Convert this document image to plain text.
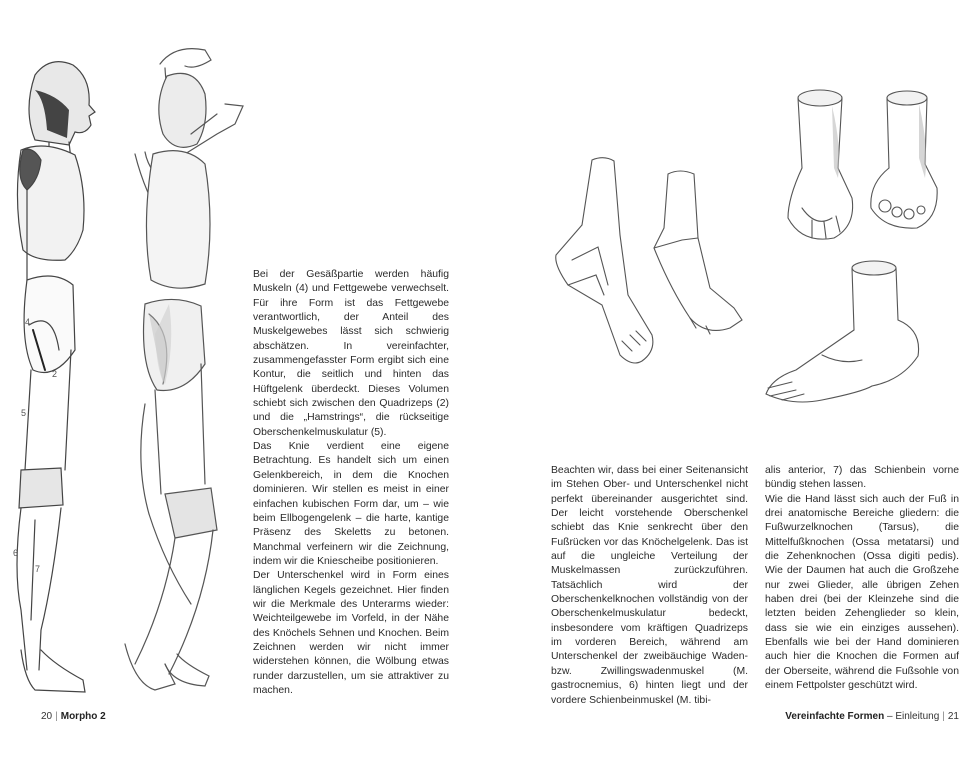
4
2
5
6
7

Bei der Gesäßpartie werden häufig Muskeln (4) und Fettgewebe verwechselt. Für ihre Form ist das Fettgewebe verantwortlich, der Anteil des Muskelgewebes lässt sich schwierig abschätzen. In vereinfachter, zusammengefasster Form ergibt sich eine Kontur, die seitlich und hinten das Hüftgelenk überdeckt. Dieses Volumen schiebt sich zwischen den Quadrizeps (2) und die „Hamstrings“, die rückseitige Oberschenkelmuskulatur (5).

Das Knie verdient eine eigene Betrachtung. Es handelt sich um einen Gelenkbereich, in dem die Knochen dominieren. Wir stellen es meist in einer einfachen kubischen Form dar, um – wie beim Ellbogengelenk – die harte, kantige Präsenz des Skeletts zu betonen. Manchmal verfeinern wir die Zeichnung, indem wir die Kniescheibe positionieren.

Der Unterschenkel wird in Form eines länglichen Kegels gezeichnet. Hier finden wir die Merkmale des Unterarms wieder: Weichteilgewebe im Vorfeld, in der Nähe des Knöchels Sehnen und Knochen. Beim Zeichnen werden wir nicht immer widerstehen können, die Wölbung etwas runder darzustellen, um sie attraktiver zu machen.

20 | Morpho 2

Beachten wir, dass bei einer Seitenansicht im Stehen Ober- und Unterschenkel nicht perfekt übereinander ausgerichtet sind. Der leicht vorstehende Oberschenkel schiebt das Knie senkrecht über den Fußrücken vor das Knöchelgelenk. Das ist auf die ungleiche Verteilung der Muskelmassen zurückzuführen. Tatsächlich wird der Oberschenkelknochen vollständig von der Oberschenkelmuskulatur bedeckt, insbesondere vom kräftigen Quadrizeps im vorderen Bereich, während am Unterschenkel der zweibäuchige Waden- bzw. Zwillingswadenmuskel (M. gastrocnemius, 6) hinten liegt und der vordere Schienbeinmuskel (M. tibi-

alis anterior, 7) das Schienbein vorne bündig stehen lassen.

Wie die Hand lässt sich auch der Fuß in drei anatomische Bereiche gliedern: die Fußwurzelknochen (Tarsus), die Mittelfußknochen (Ossa metatarsi) und die Zehenknochen (Ossa digiti pedis). Wie der Daumen hat auch die Großzehe nur zwei Glieder, alle übrigen Zehen haben drei (bei der Kleinzehe sind die letzten beiden Zehenglieder so klein, dass sie wie ein einziges aussehen). Ebenfalls wie bei der Hand dominieren auch hier die Knochen die Formen auf der Oberseite, während die Fußsohle von einem Fettpolster geschützt wird.

Vereinfachte Formen – Einleitung | 21
